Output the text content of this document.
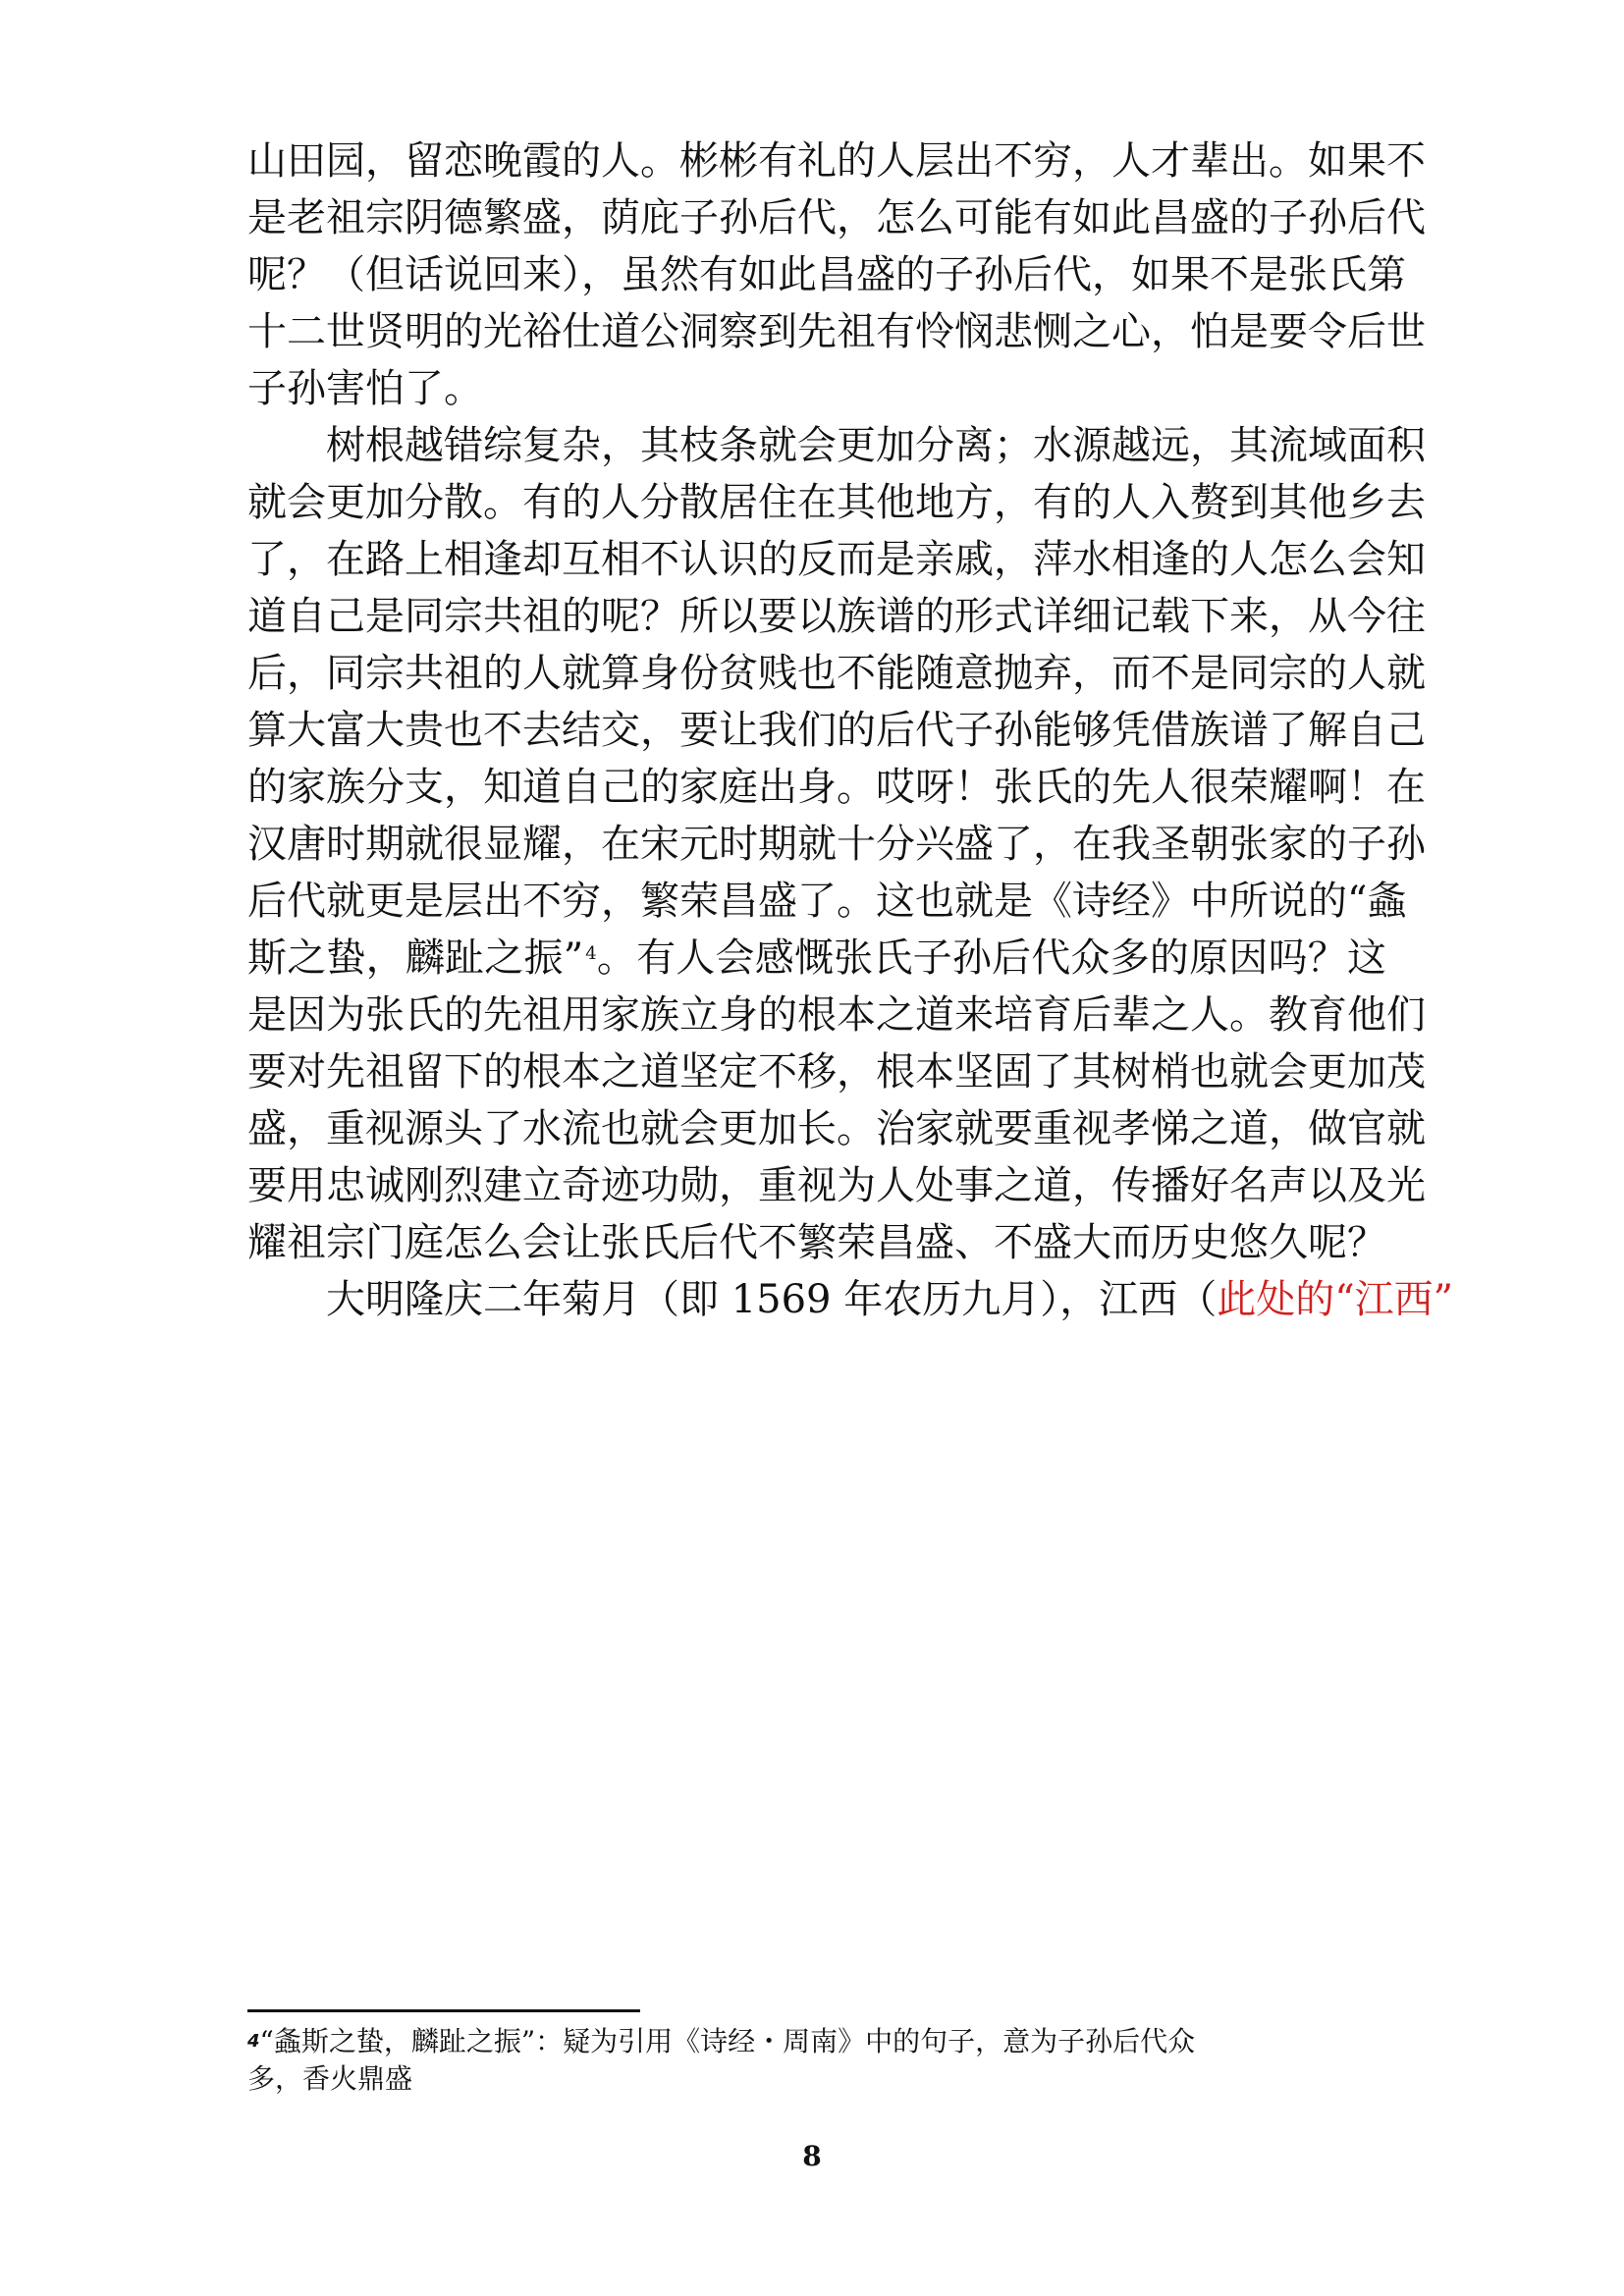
山田园，留恋晚霞的人。彬彬有礼的人层出不穷，人才辈出。如果不
是老祖宗阴德繁盛，荫庇子孙后代，怎么可能有如此昌盛的子孙后代
呢？（但话说回来），虽然有如此昌盛的子孙后代，如果不是张氏第
十二世贤明的光裕仕道公洞察到先祖有怜悯悲恻之心，怕是要令后世
子孙害怕了。
树根越错综复杂，其枝条就会更加分离；水源越远，其流域面积
就会更加分散。有的人分散居住在其他地方，有的人入赘到其他乡去
了，在路上相逢却互相不认识的反而是亲戚，萍水相逢的人怎么会知
道自己是同宗共祖的呢？所以要以族谱的形式详细记载下来，从今往
后，同宗共祖的人就算身份贫贱也不能随意抛弃，而不是同宗的人就
算大富大贵也不去结交，要让我们的后代子孙能够凭借族谱了解自己
的家族分支，知道自己的家庭出身。哎呀！张氏的先人很荣耀啊！在
汉唐时期就很显耀，在宋元时期就十分兴盛了，在我圣朝张家的子孙
后代就更是层出不穷，繁荣昌盛了。这也就是《诗经》中所说的“螽
斯之蛰，麟趾之振” $^4$。有人会感慨张氏子孙后代众多的原因吗？这
是因为张氏的先祖用家族立身的根本之道来培育后辈之人。教育他们
要对先祖留下的根本之道坚定不移，根本坚固了其树梢也就会更加茂
盛，重视源头了水流也就会更加长。治家就要重视孝悌之道，做官就
要用忠诚刚烈建立奇迹功勋，重视为人处事之道，传播好名声以及光
耀祖宗门庭怎么会让张氏后代不繁荣昌盛、不盛大而历史悠久呢？
大明隆庆二年菊月（即 1569 年农历九月），江西（此处的“江西”
$^4$“螽斯之蛰，麟趾之振”：疑为引用《诗经・周南》中的句子，意为子孙后代众
多，香火鼎盛
8
